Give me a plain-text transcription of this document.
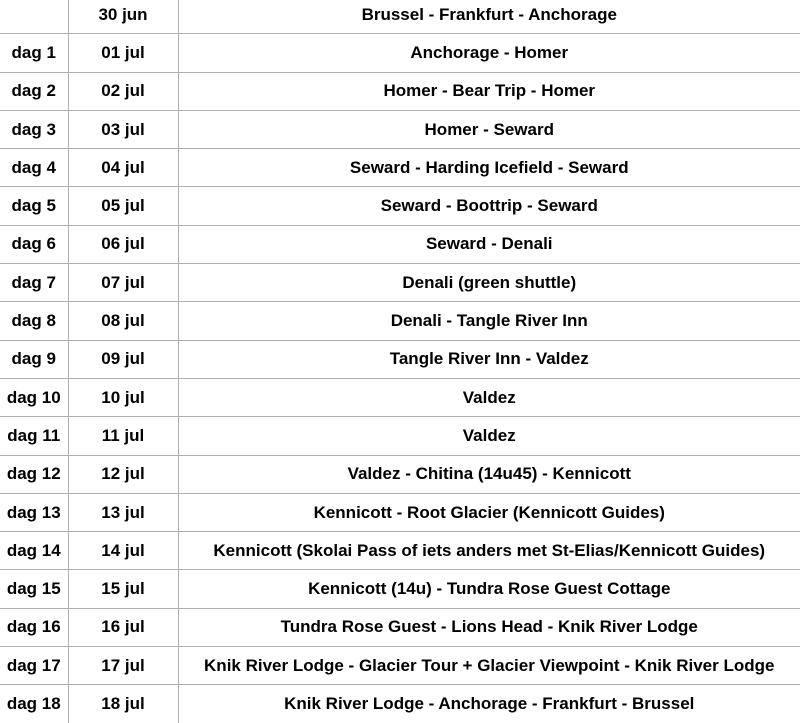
	30 jun	Brussel - Frankfurt - Anchorage
dag 1	01 jul	Anchorage - Homer
dag 2	02 jul	Homer - Bear Trip - Homer
dag 3	03 jul	Homer - Seward
dag 4	04 jul	Seward - Harding Icefield - Seward
dag 5	05 jul	Seward - Boottrip - Seward
dag 6	06 jul	Seward - Denali
dag 7	07 jul	Denali (green shuttle)
dag 8	08 jul	Denali - Tangle River Inn
dag 9	09 jul	Tangle River Inn - Valdez
dag 10	10 jul	Valdez
dag 11	11 jul	Valdez
dag 12	12 jul	Valdez - Chitina (14u45) - Kennicott
dag 13	13 jul	Kennicott - Root Glacier (Kennicott Guides)
dag 14	14 jul	Kennicott (Skolai Pass of iets anders met St-Elias/Kennicott Guides)
dag 15	15 jul	Kennicott (14u) - Tundra Rose Guest Cottage
dag 16	16 jul	Tundra Rose Guest - Lions Head - Knik River Lodge
dag 17	17 jul	Knik River Lodge - Glacier Tour + Glacier Viewpoint - Knik River Lodge
dag 18	18 jul	Knik River Lodge - Anchorage - Frankfurt - Brussel
